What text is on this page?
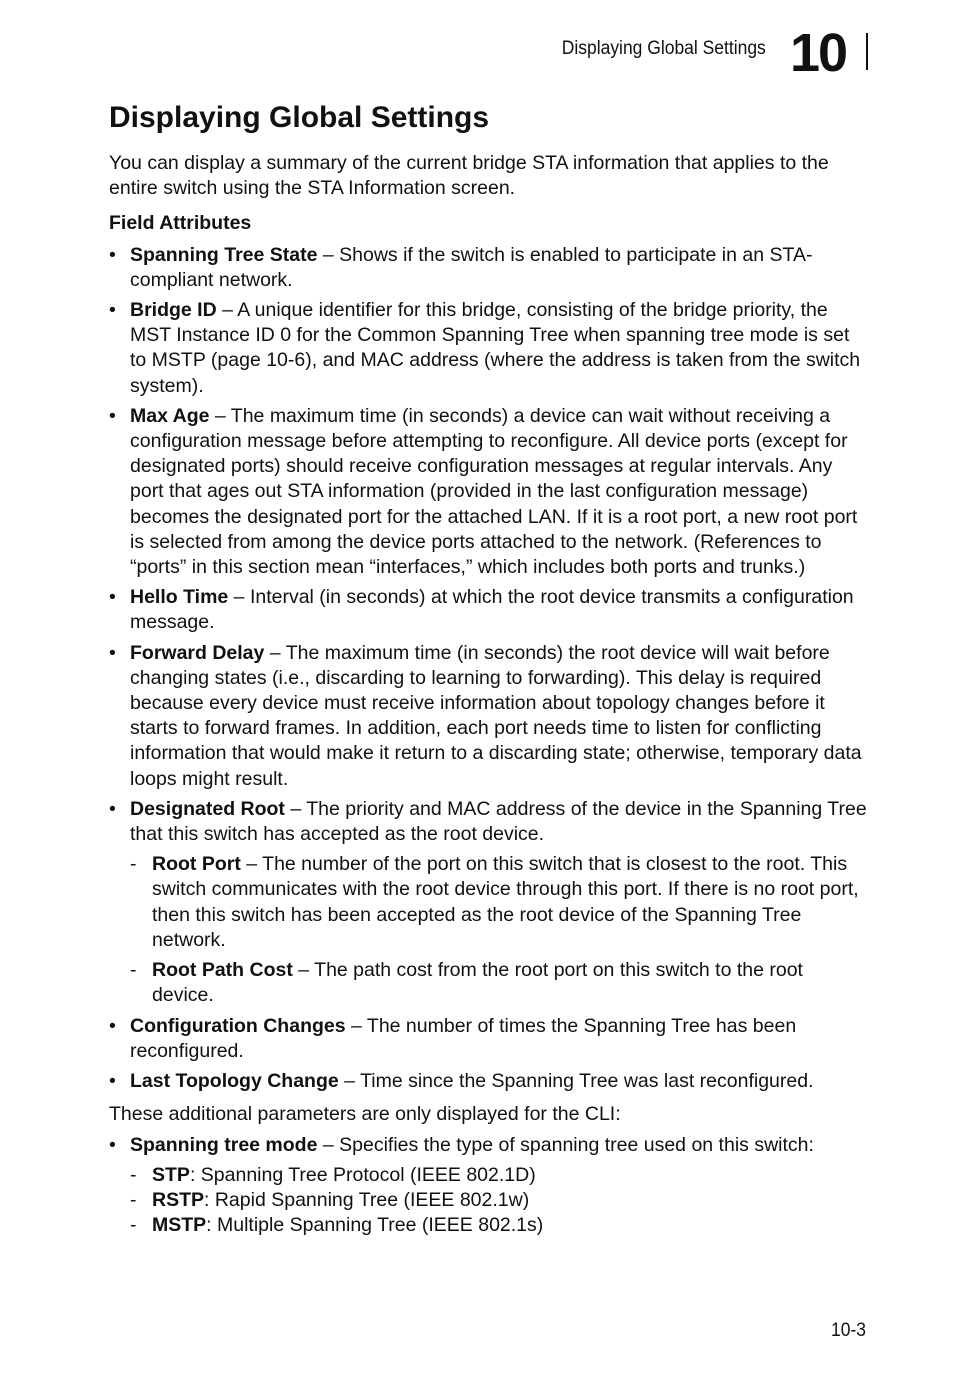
Displaying Global Settings 10
Displaying Global Settings

You can display a summary of the current bridge STA information that applies to the entire switch using the STA Information screen.

Field Attributes
• Spanning Tree State – Shows if the switch is enabled to participate in an STA-compliant network.
• Bridge ID – A unique identifier for this bridge, consisting of the bridge priority, the MST Instance ID 0 for the Common Spanning Tree when spanning tree mode is set to MSTP (page 10-6), and MAC address (where the address is taken from the switch system).
• Max Age – The maximum time (in seconds) a device can wait without receiving a configuration message before attempting to reconfigure. All device ports (except for designated ports) should receive configuration messages at regular intervals. Any port that ages out STA information (provided in the last configuration message) becomes the designated port for the attached LAN. If it is a root port, a new root port is selected from among the device ports attached to the network. (References to “ports” in this section mean “interfaces,” which includes both ports and trunks.)
• Hello Time – Interval (in seconds) at which the root device transmits a configuration message.
• Forward Delay – The maximum time (in seconds) the root device will wait before changing states (i.e., discarding to learning to forwarding). This delay is required because every device must receive information about topology changes before it starts to forward frames. In addition, each port needs time to listen for conflicting information that would make it return to a discarding state; otherwise, temporary data loops might result.
• Designated Root – The priority and MAC address of the device in the Spanning Tree that this switch has accepted as the root device.
- Root Port – The number of the port on this switch that is closest to the root. This switch communicates with the root device through this port. If there is no root port, then this switch has been accepted as the root device of the Spanning Tree network.
- Root Path Cost – The path cost from the root port on this switch to the root device.
• Configuration Changes – The number of times the Spanning Tree has been reconfigured.
• Last Topology Change – Time since the Spanning Tree was last reconfigured.

These additional parameters are only displayed for the CLI:

• Spanning tree mode – Specifies the type of spanning tree used on this switch:
- STP: Spanning Tree Protocol (IEEE 802.1D)
- RSTP: Rapid Spanning Tree (IEEE 802.1w)
- MSTP: Multiple Spanning Tree (IEEE 802.1s)
10-3
